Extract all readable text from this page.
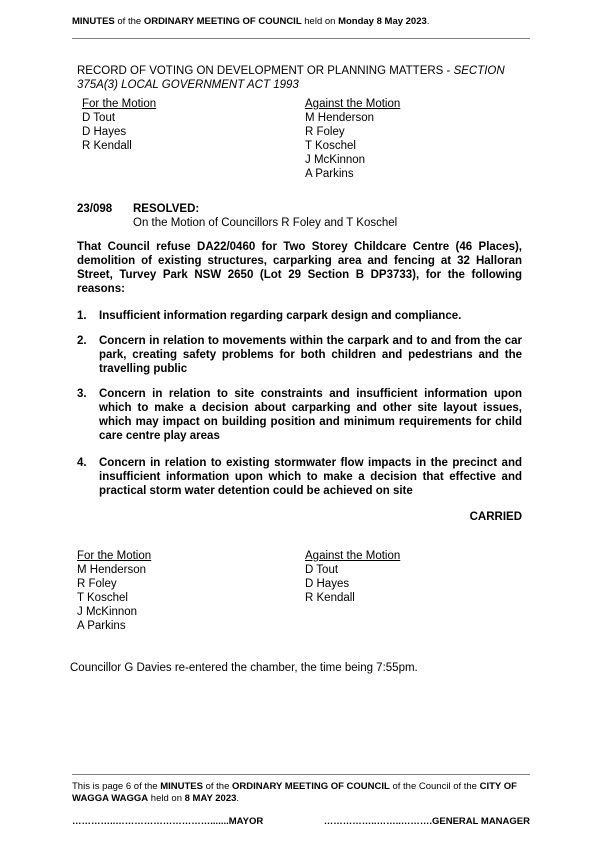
MINUTES of the ORDINARY MEETING OF COUNCIL held on Monday 8 May 2023.
RECORD OF VOTING ON DEVELOPMENT OR PLANNING MATTERS - SECTION 375A(3) LOCAL GOVERNMENT ACT 1993
For the Motion
D Tout
D Hayes
R Kendall
Against the Motion
M Henderson
R Foley
T Koschel
J McKinnon
A Parkins
23/098 RESOLVED:
On the Motion of Councillors R Foley and T Koschel
That Council refuse DA22/0460 for Two Storey Childcare Centre (46 Places), demolition of existing structures, carparking area and fencing at 32 Halloran Street, Turvey Park NSW 2650 (Lot 29 Section B DP3733), for the following reasons:
1.	Insufficient information regarding carpark design and compliance.
2.	Concern in relation to movements within the carpark and to and from the car park, creating safety problems for both children and pedestrians and the travelling public
3.	Concern in relation to site constraints and insufficient information upon which to make a decision about carparking and other site layout issues, which may impact on building position and minimum requirements for child care centre play areas
4.	Concern in relation to existing stormwater flow impacts in the precinct and insufficient information upon which to make a decision that effective and practical storm water detention could be achieved on site
CARRIED
For the Motion
M Henderson
R Foley
T Koschel
J McKinnon
A Parkins
Against the Motion
D Tout
D Hayes
R Kendall
Councillor G Davies re-entered the chamber, the time being 7:55pm.
This is page 6 of the MINUTES of the ORDINARY MEETING OF COUNCIL of the Council of the CITY OF WAGGA WAGGA held on 8 MAY 2023.
…………..………………………….......MAYOR	……………..……..……….GENERAL MANAGER
